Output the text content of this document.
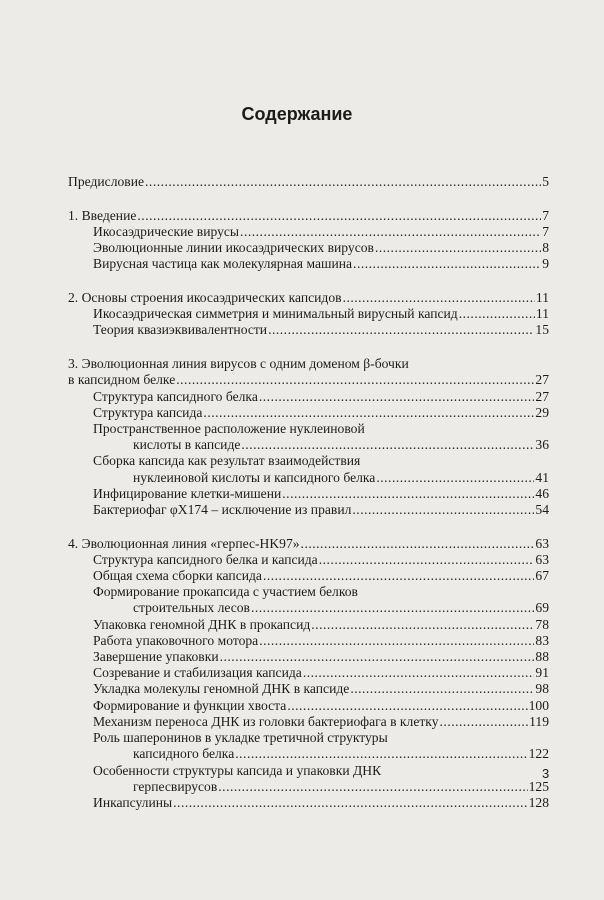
Содержание
Предисловие .....	5
1. Введение .....	7
Икосаэдрические вирусы .....	7
Эволюционные линии икосаэдрических вирусов .....	8
Вирусная частица как молекулярная машина .....	9
2. Основы строения икосаэдрических капсидов .....	11
Икосаэдрическая симметрия и минимальный вирусный капсид .....	11
Теория квазиэквивалентности .....	15
3. Эволюционная линия вирусов с одним доменом β-бочки
в капсидном белке .....	27
Структура капсидного белка .....	27
Структура капсида .....	29
Пространственное расположение нуклеиновой
кислоты в капсиде .....	36
Сборка капсида как результат взаимодействия
нуклеиновой кислоты и капсидного белка .....	41
Инфицирование клетки-мишени .....	46
Бактериофаг φX174 – исключение из правил .....	54
4. Эволюционная линия «герпес-HK97» .....	63
Структура капсидного белка и капсида .....	63
Общая схема сборки капсида .....	67
Формирование прокапсида с участием белков
строительных лесов .....	69
Упаковка геномной ДНК в прокапсид .....	78
Работа упаковочного мотора .....	83
Завершение упаковки .....	88
Созревание и стабилизация капсида .....	91
Укладка молекулы геномной ДНК в капсиде .....	98
Формирование и функции хвоста .....	100
Механизм переноса ДНК из головки бактериофага в клетку .....	119
Роль шаперонинов в укладке третичной структуры
капсидного белка .....	122
Особенности структуры капсида и упаковки ДНК
герпесвирусов .....	125
Инкапсулины .....	128
3
